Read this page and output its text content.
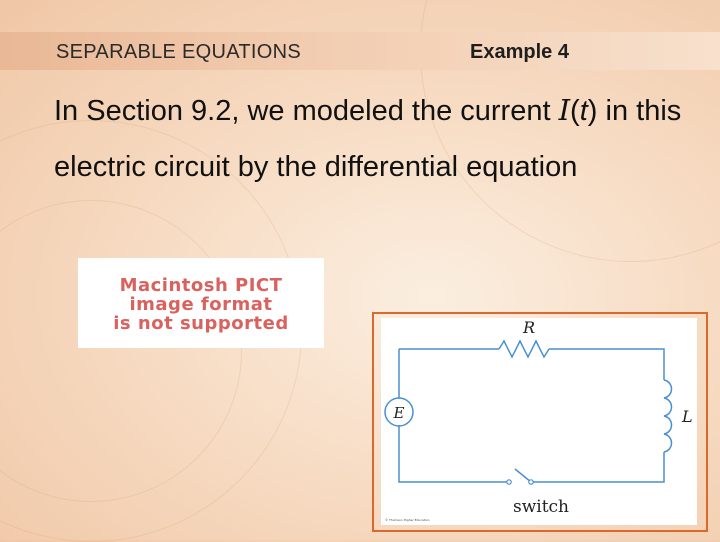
SEPARABLE EQUATIONS	Example 4
In Section 9.2, we modeled the current I(t) in this electric circuit by the differential equation
Macintosh PICT
image format
is not supported	R
L
E
switch
© Thomson Higher Education
